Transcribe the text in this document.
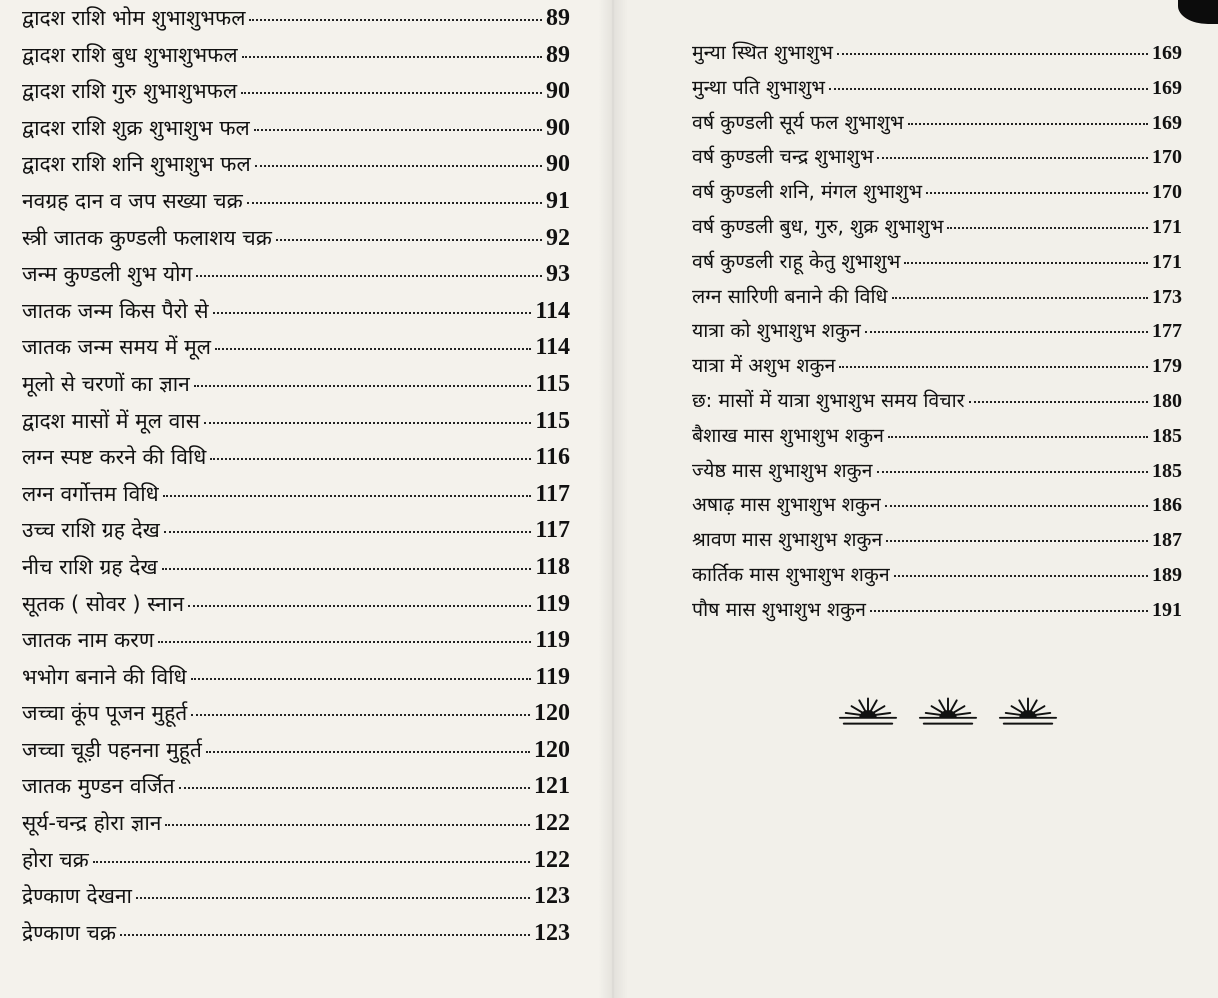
द्वादश राशि भोम शुभाशुभफल	89
द्वादश राशि बुध शुभाशुभफल	89
द्वादश राशि गुरु शुभाशुभफल	90
द्वादश राशि शुक्र शुभाशुभ फल	90
द्वादश राशि शनि शुभाशुभ फल	90
नवग्रह दान व जप सख्या चक्र	91
स्त्री जातक कुण्डली फलाशय चक्र	92
जन्म कुण्डली शुभ योग	93
जातक जन्म किस पैरो से	114
जातक जन्म समय में मूल	114
मूलो से चरणों का ज्ञान	115
द्वादश मासों में मूल वास	115
लग्न स्पष्ट करने की विधि	116
लग्न वर्गोत्तम विधि	117
उच्च राशि ग्रह देख	117
नीच राशि ग्रह देख	118
सूतक ( सोवर ) स्नान	119
जातक नाम करण	119
भभोग बनाने की विधि	119
जच्चा कूंप पूजन मुहूर्त	120
जच्चा चूड़ी पहनना मुहूर्त	120
जातक मुण्डन वर्जित	121
सूर्य-चन्द्र होरा ज्ञान	122
होरा चक्र	122
द्रेण्काण देखना	123
द्रेण्काण चक्र	123
मुन्या स्थित शुभाशुभ	169
मुन्था पति शुभाशुभ	169
वर्ष कुण्डली सूर्य फल शुभाशुभ	169
वर्ष कुण्डली चन्द्र शुभाशुभ	170
वर्ष कुण्डली शनि, मंगल शुभाशुभ	170
वर्ष कुण्डली बुध, गुरु, शुक्र शुभाशुभ	171
वर्ष कुण्डली राहू केतु शुभाशुभ	171
लग्न सारिणी बनाने की विधि	173
यात्रा को शुभाशुभ शकुन	177
यात्रा में अशुभ शकुन	179
छ: मासों में यात्रा शुभाशुभ समय विचार	180
बैशाख मास शुभाशुभ शकुन	185
ज्येष्ठ मास शुभाशुभ शकुन	185
अषाढ़ मास शुभाशुभ शकुन	186
श्रावण मास शुभाशुभ शकुन	187
कार्तिक मास शुभाशुभ शकुन	189
पौष मास शुभाशुभ शकुन	191
